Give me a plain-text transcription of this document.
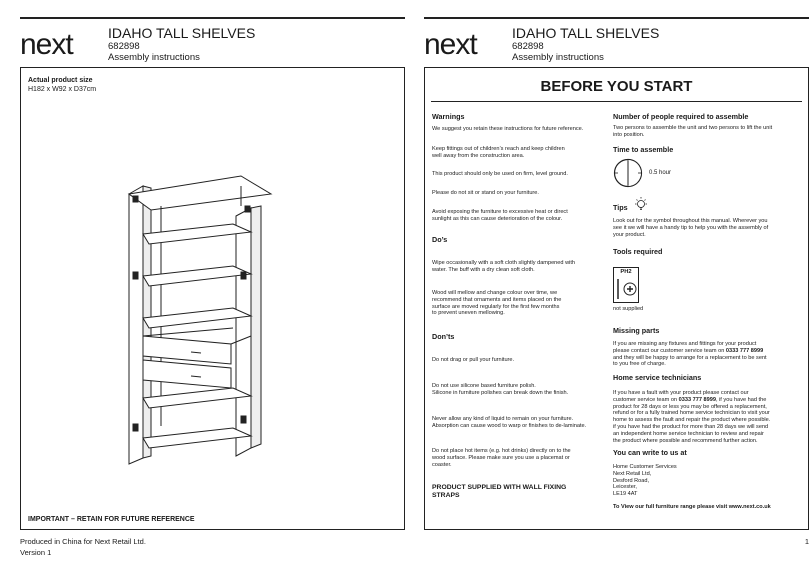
next	IDAHO TALL SHELVES
682898
Assembly instructions
Actual product size
H182 x W92 x D37cm
IMPORTANT – RETAIN FOR FUTURE REFERENCE
Produced in China for Next Retail Ltd.
Version 1
next	IDAHO TALL SHELVES
682898
Assembly instructions
BEFORE YOU START
Warnings
We suggest you retain these instructions for future reference.
Keep fittings out of children’s reach and keep children
well away from the construction area.
This product should only be used on firm, level ground.
Please do not sit or stand on your furniture.
Avoid exposing the furniture to excessive heat or direct
sunlight as this can cause deterioration of the colour.
Do’s
Wipe occasionally with a soft cloth slightly dampened with
water. The buff with a dry clean soft cloth.
Wood will mellow and change colour over time, we
recommend that ornaments and items placed on the
surface are moved regularly for the first few months
to prevent uneven mellowing.
Don’ts
Do not drag or pull your furniture.
Do not use silicone based furniture polish.
Silicone in furniture polishes can break down the finish.
Never allow any kind of liquid to remain on your furniture.
Absorption can cause wood to warp or finishes to de-laminate.
Do not place hot items (e.g. hot drinks) directly on to the
wood surface. Please make sure you use a placemat or
coaster.
PRODUCT SUPPLIED WITH WALL FIXING
STRAPS
Number of people required to assemble
Two persons to assemble the unit and two persons to lift the unit
into position.
Time to assemble
0.5 hour
Tips
Look out for the symbol throughout this manual. Wherever you
see it we will have a handy tip to help you with the assembly of
your product.
Tools required
PH2
not supplied
Missing parts
If you are missing any fixtures and fittings for your product
please contact our customer service team on 0333 777 8999
and they will be happy to arrange for a replacement to be sent
to you free of charge.
Home service technicians
If you have a fault with your product please contact our
customer service team on 0333 777 8999, if you have had the
product for 28 days or less you may be offered a replacement,
refund or for a fully trained home service technician to visit your
home to assess the fault and repair the product where possible.
if you have had the product for more than 28 days we will send
an independent home service technician to review and repair
the product where possible and recommend further action.
You can write to us at
Home Customer Services
Next Retail Ltd,
Desford Road,
Leicester,
LE19 4AT
To View our full furniture range please visit www.next.co.uk
1
